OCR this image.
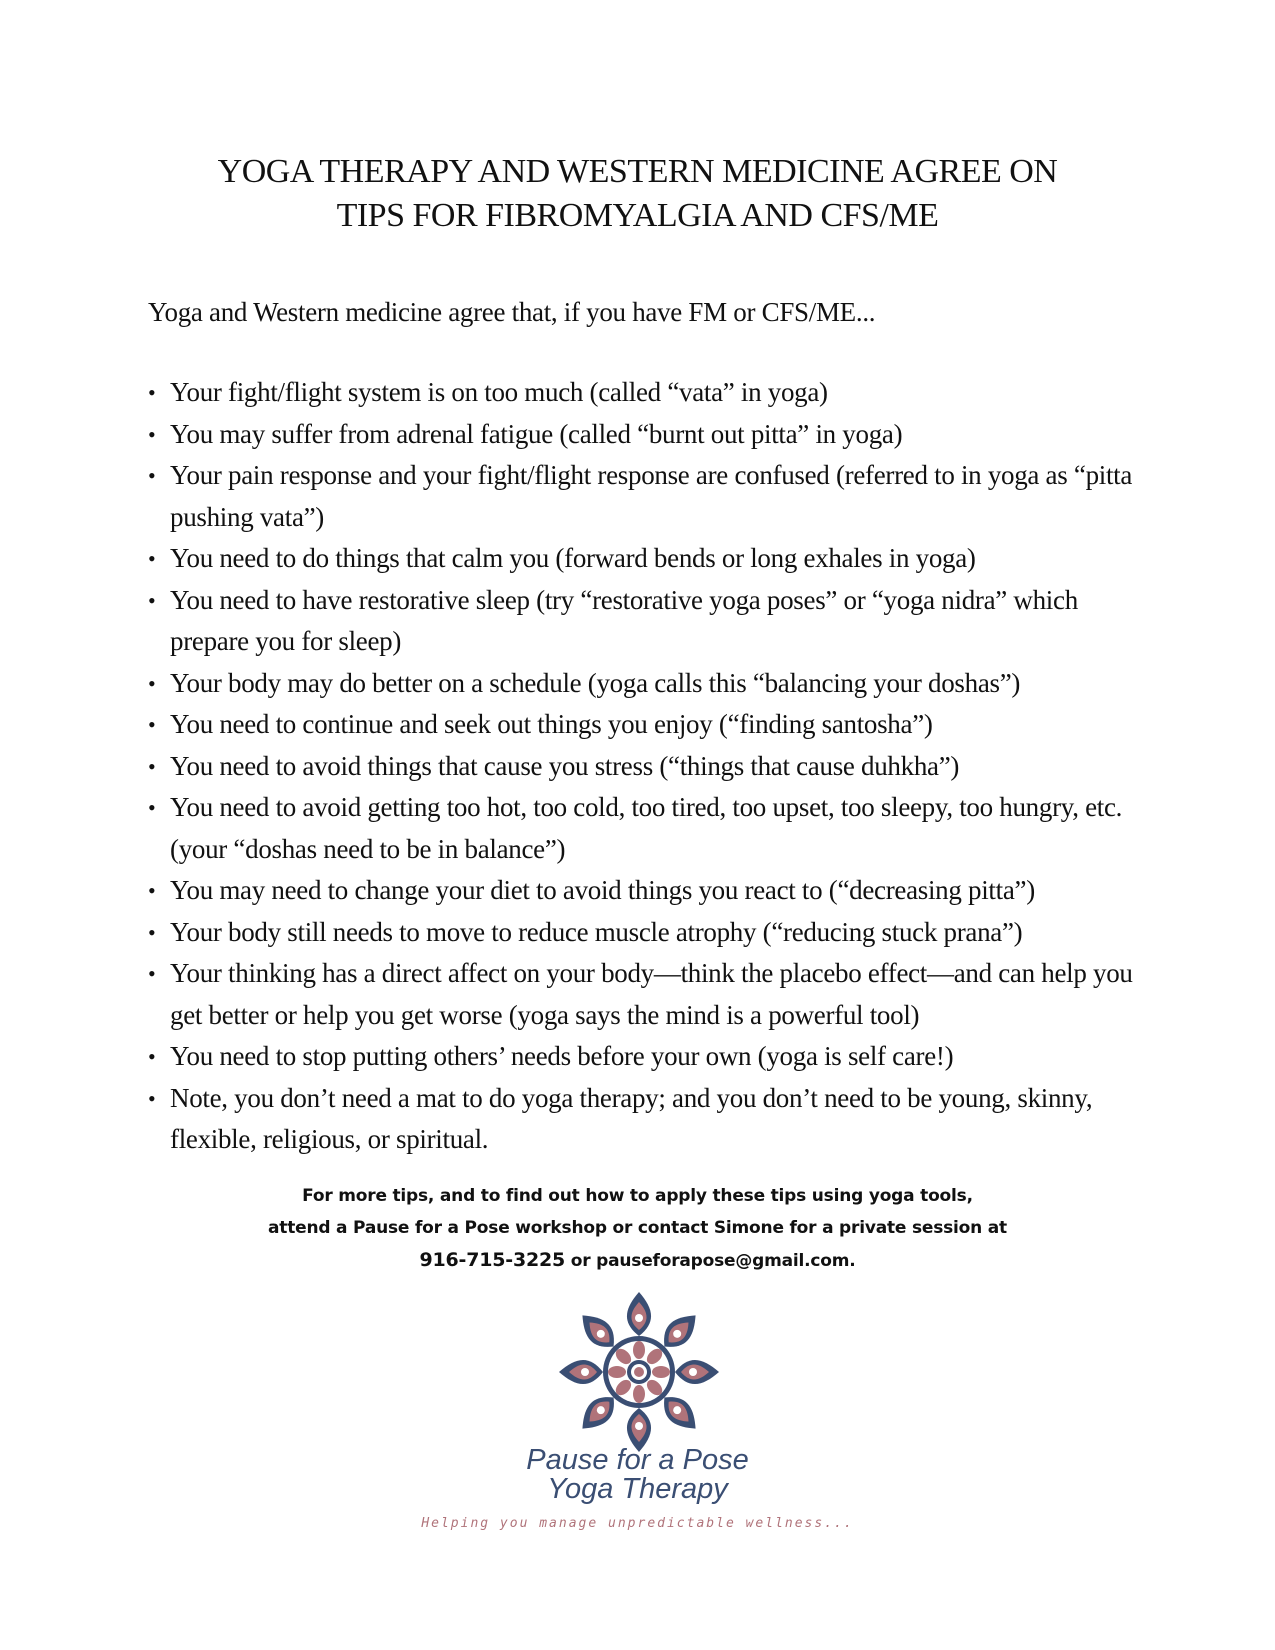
YOGA THERAPY AND WESTERN MEDICINE AGREE ON
TIPS FOR FIBROMYALGIA AND CFS/ME
Yoga and Western medicine agree that, if you have FM or CFS/ME...
• Your fight/flight system is on too much (called “vata” in yoga)
• You may suffer from adrenal fatigue (called “burnt out pitta” in yoga)
• Your pain response and your fight/flight response are confused (referred to in yoga as “pitta pushing vata”)
• You need to do things that calm you (forward bends or long exhales in yoga)
• You need to have restorative sleep (try “restorative yoga poses” or “yoga nidra” which prepare you for sleep)
• Your body may do better on a schedule (yoga calls this “balancing your doshas”)
• You need to continue and seek out things you enjoy (“finding santosha”)
• You need to avoid things that cause you stress (“things that cause duhkha”)
• You need to avoid getting too hot, too cold, too tired, too upset, too sleepy, too hungry, etc. (your “doshas need to be in balance”)
• You may need to change your diet to avoid things you react to (“decreasing pitta”)
• Your body still needs to move to reduce muscle atrophy (“reducing stuck prana”)
• Your thinking has a direct affect on your body—think the placebo effect—and can help you get better or help you get worse (yoga says the mind is a powerful tool)
• You need to stop putting others’ needs before your own (yoga is self care!)
• Note, you don’t need a mat to do yoga therapy; and you don’t need to be young, skinny, flexible, religious, or spiritual.
For more tips, and to find out how to apply these tips using yoga tools,
attend a Pause for a Pose workshop or contact Simone for a private session at
916-715-3225 or pauseforapose@gmail.com.
Pause for a Pose
Yoga Therapy
Helping you manage unpredictable wellness...
